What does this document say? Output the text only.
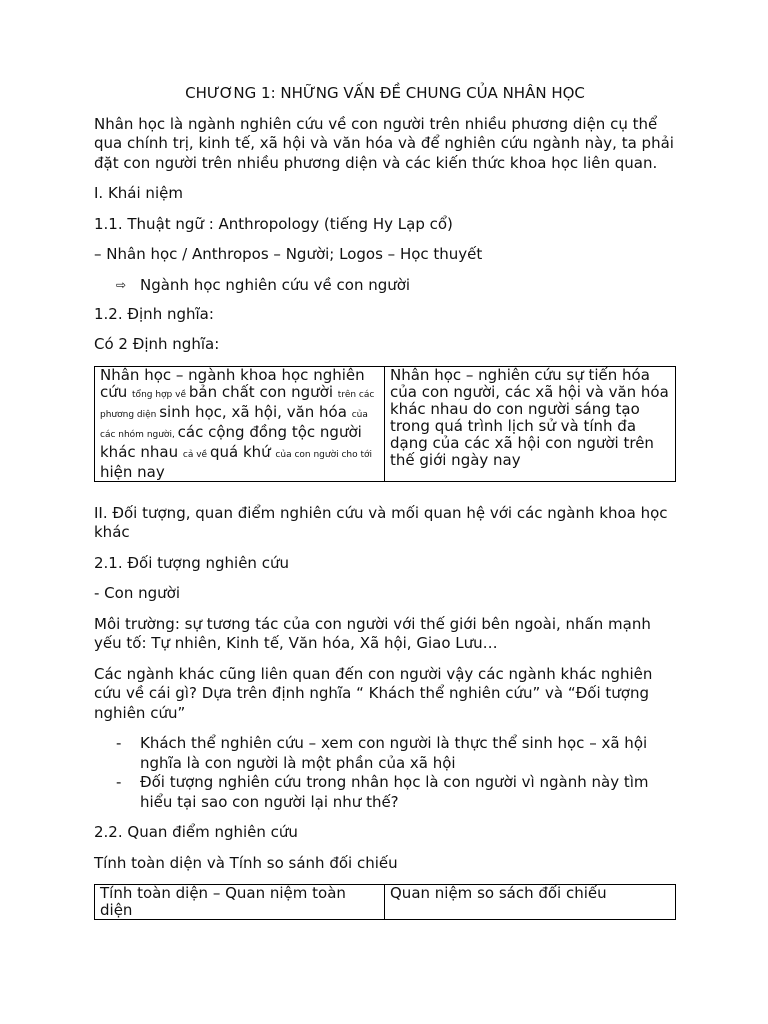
CHƯƠNG 1: NHỮNG VẤN ĐỀ CHUNG CỦA NHÂN HỌC

Nhân học là ngành nghiên cứu về con người trên nhiều phương diện cụ thể qua chính trị, kinh tế, xã hội và văn hóa và để nghiên cứu ngành này, ta phải đặt con người trên nhiều phương diện và các kiến thức khoa học liên quan.

I. Khái niệm

1.1. Thuật ngữ : Anthropology (tiếng Hy Lạp cổ)

– Nhân học / Anthropos – Người; Logos – Học thuyết

⇨ Ngành học nghiên cứu về con người

1.2. Định nghĩa:

Có 2 Định nghĩa:

Nhân học – ngành khoa học nghiên cứu tổng hợp về bản chất con người trên các phương diện sinh học, xã hội, văn hóa của các nhóm người, các cộng đồng tộc người khác nhau cả về quá khứ của con người cho tới hiện nay	Nhân học – nghiên cứu sự tiến hóa của con người, các xã hội và văn hóa khác nhau do con người sáng tạo trong quá trình lịch sử và tính đa dạng của các xã hội con người trên thế giới ngày nay

II. Đối tượng, quan điểm nghiên cứu và mối quan hệ với các ngành khoa học khác

2.1. Đối tượng nghiên cứu

- Con người

Môi trường: sự tương tác của con người với thế giới bên ngoài, nhấn mạnh yếu tố: Tự nhiên, Kinh tế, Văn hóa, Xã hội, Giao Lưu…

Các ngành khác cũng liên quan đến con người vậy các ngành khác nghiên cứu về cái gì? Dựa trên định nghĩa “ Khách thể nghiên cứu” và “Đối tượng nghiên cứu”

- Khách thể nghiên cứu – xem con người là thực thể sinh học – xã hội nghĩa là con người là một phần của xã hội
- Đối tượng nghiên cứu trong nhân học là con người vì ngành này tìm hiểu tại sao con người lại như thế?

2.2. Quan điểm nghiên cứu

Tính toàn diện và Tính so sánh đối chiếu

Tính toàn diện – Quan niệm toàn diện	Quan niệm so sách đối chiếu
